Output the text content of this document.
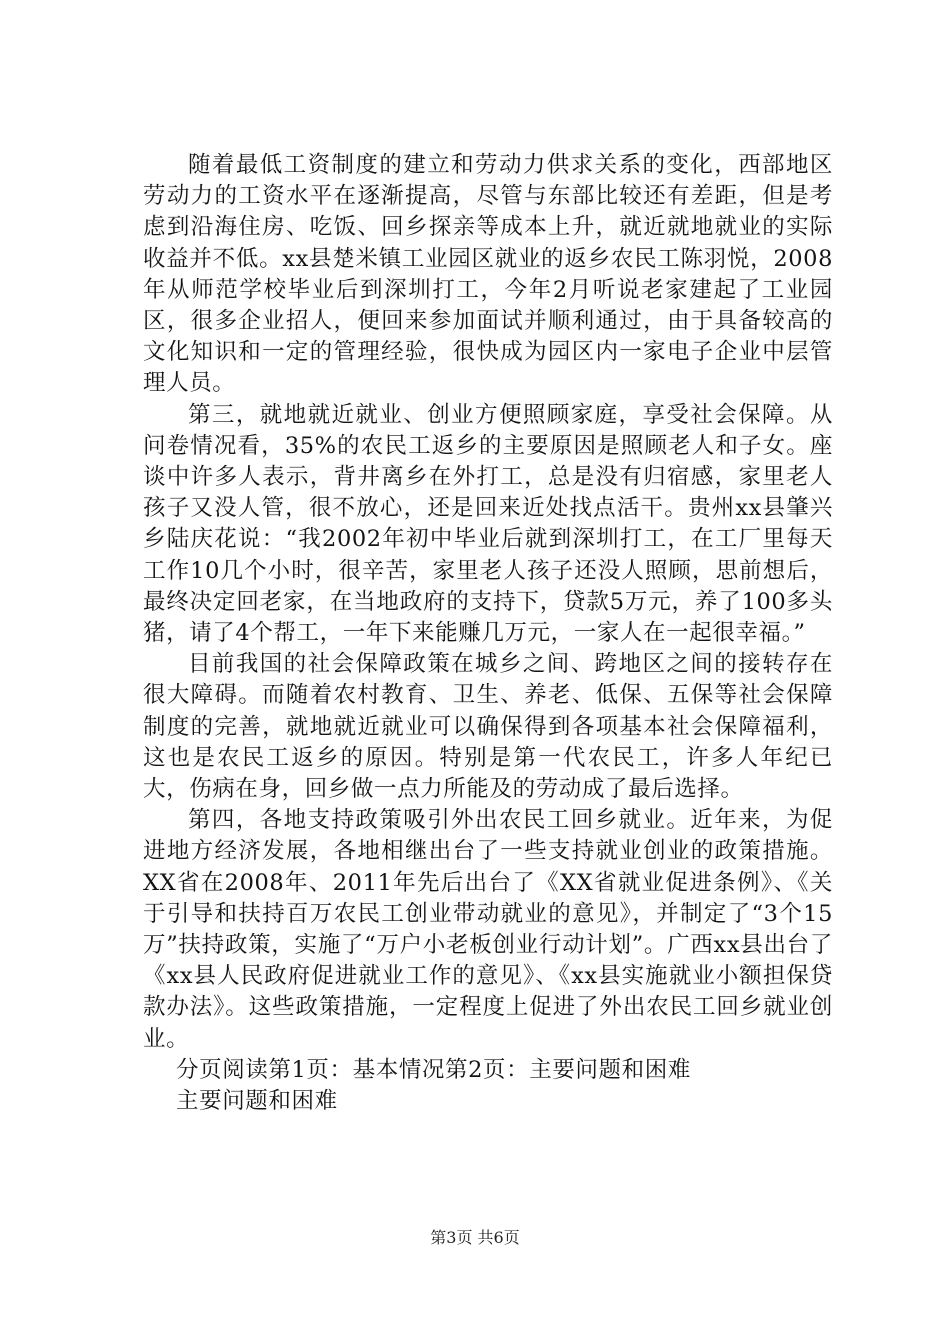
随着最低工资制度的建立和劳动力供求关系的变化，西部地区劳动力的工资水平在逐渐提高，尽管与东部比较还有差距，但是考虑到沿海住房、吃饭、回乡探亲等成本上升，就近就地就业的实际收益并不低。xx县楚米镇工业园区就业的返乡农民工陈羽悦，2008年从师范学校毕业后到深圳打工，今年2月听说老家建起了工业园区，很多企业招人，便回来参加面试并顺利通过，由于具备较高的文化知识和一定的管理经验，很快成为园区内一家电子企业中层管理人员。

第三，就地就近就业、创业方便照顾家庭，享受社会保障。从问卷情况看，35%的农民工返乡的主要原因是照顾老人和子女。座谈中许多人表示，背井离乡在外打工，总是没有归宿感，家里老人孩子又没人管，很不放心，还是回来近处找点活干。贵州xx县肇兴乡陆庆花说：“我2002年初中毕业后就到深圳打工，在工厂里每天工作10几个小时，很辛苦，家里老人孩子还没人照顾，思前想后，最终决定回老家，在当地政府的支持下，贷款5万元，养了100多头猪，请了4个帮工，一年下来能赚几万元，一家人在一起很幸福。”

目前我国的社会保障政策在城乡之间、跨地区之间的接转存在很大障碍。而随着农村教育、卫生、养老、低保、五保等社会保障制度的完善，就地就近就业可以确保得到各项基本社会保障福利，这也是农民工返乡的原因。特别是第一代农民工，许多人年纪已大，伤病在身，回乡做一点力所能及的劳动成了最后选择。

第四，各地支持政策吸引外出农民工回乡就业。近年来，为促进地方经济发展，各地相继出台了一些支持就业创业的政策措施。XX省在2008年、2011年先后出台了《XX省就业促进条例》、《关于引导和扶持百万农民工创业带动就业的意见》，并制定了“3个15万”扶持政策，实施了“万户小老板创业行动计划”。广西xx县出台了《xx县人民政府促进就业工作的意见》、《xx县实施就业小额担保贷款办法》。这些政策措施，一定程度上促进了外出农民工回乡就业创业。

分页阅读第1页：基本情况第2页：主要问题和困难

主要问题和困难

第3页 共6页
